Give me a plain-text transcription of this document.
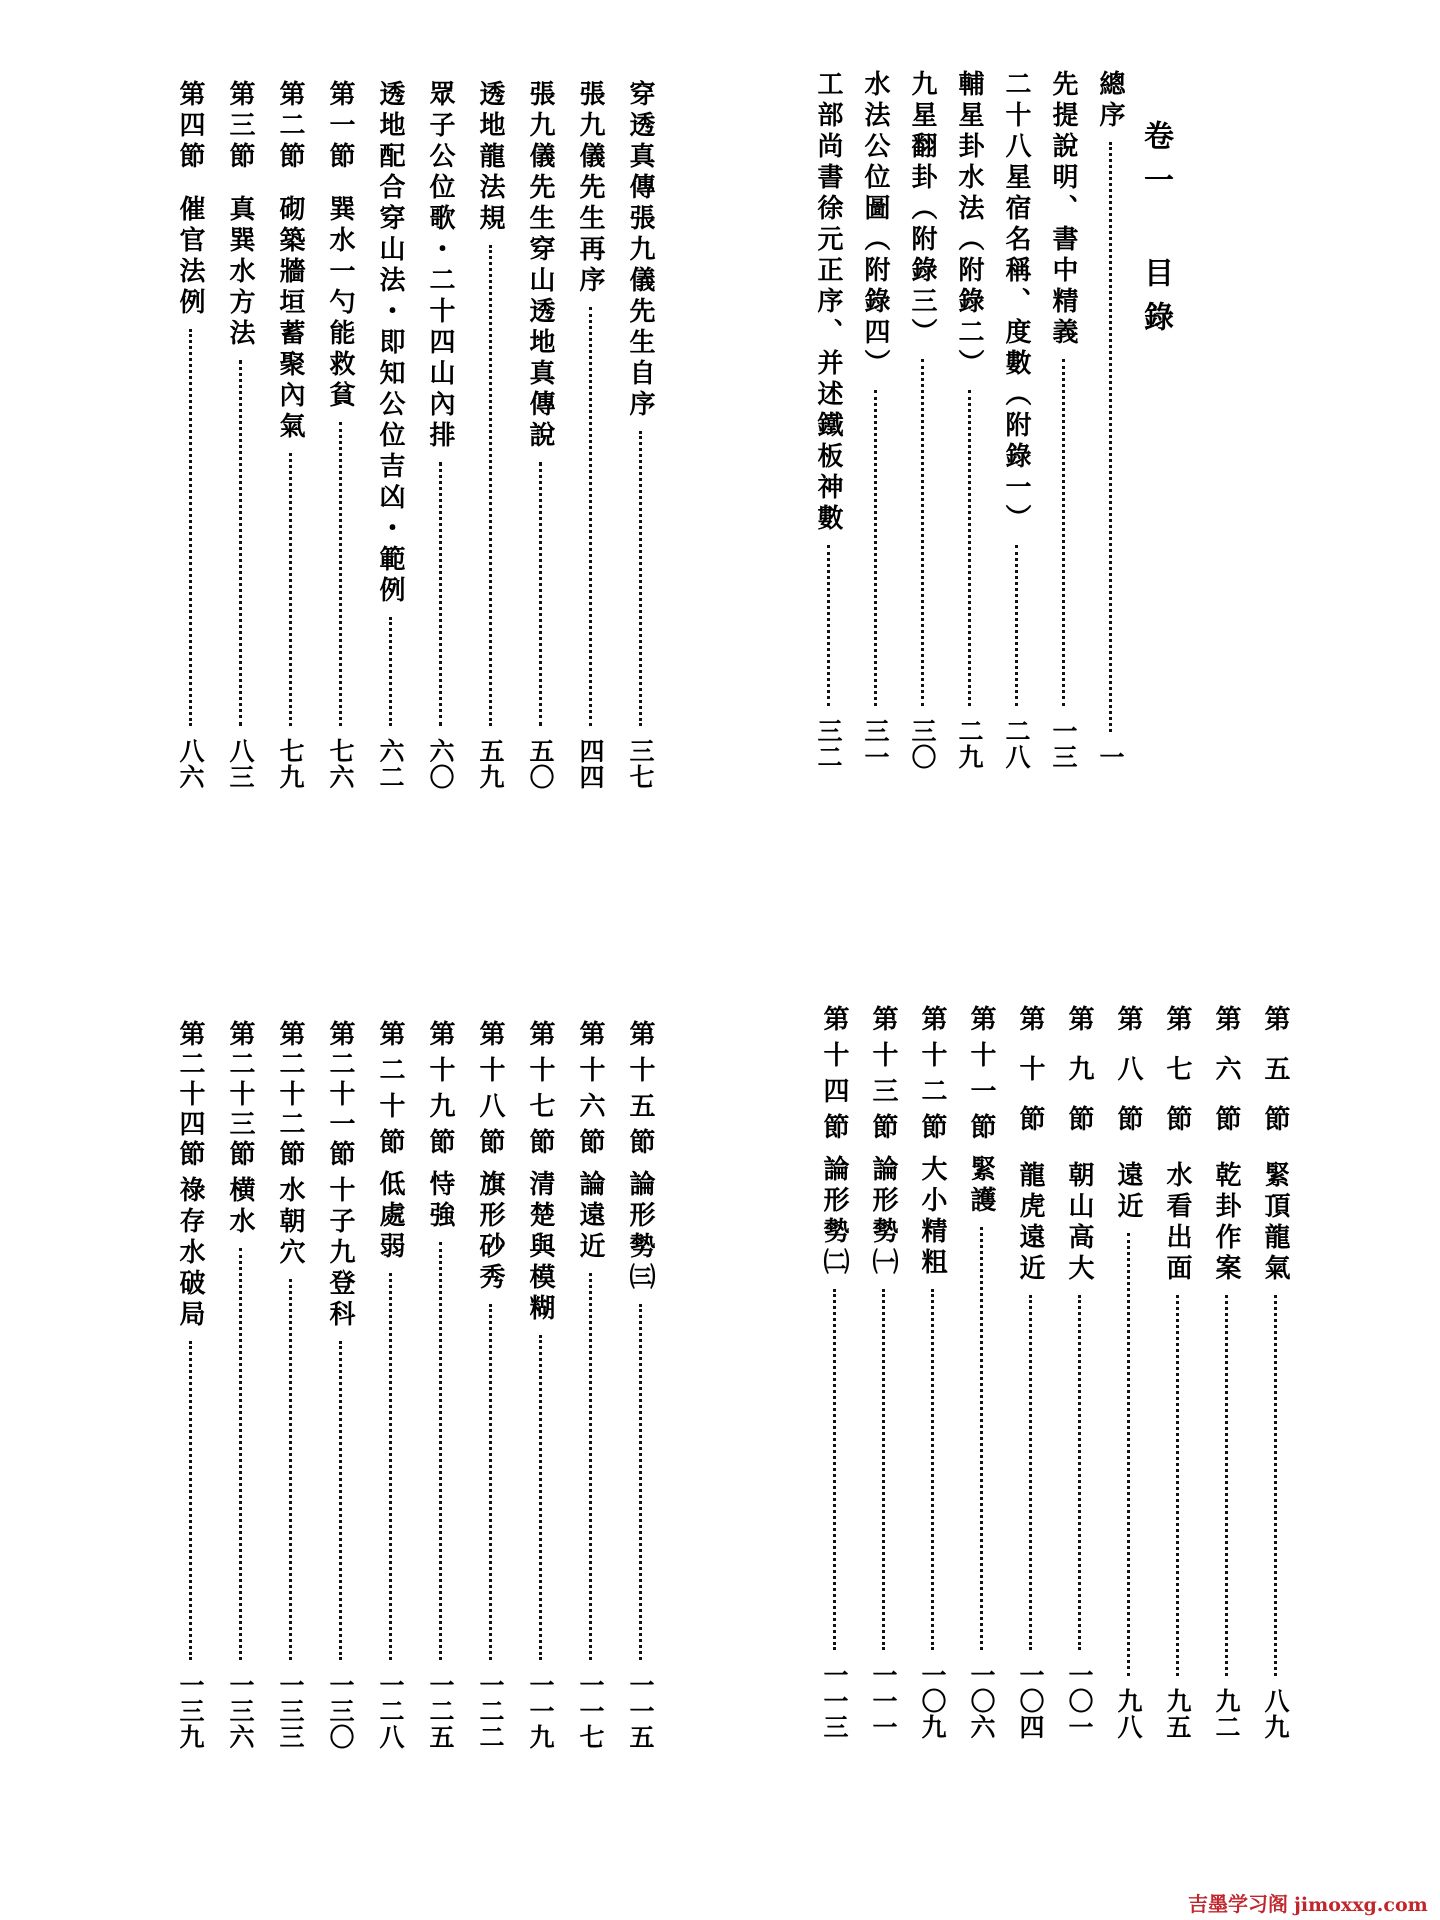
卷一 目錄
總序
一
先提說明、書中精義
一三
二十八星宿名稱、度數（附錄一）
二八
輔星卦水法（附錄二）
二九
九星翻卦（附錄三）
三〇
水法公位圖（附錄四）
三一
工部尚書徐元正序、并述鐵板神數
三二
穿透真傳張九儀先生自序
三七
張九儀先生再序
四四
張九儀先生穿山透地真傳說
五〇
透地龍法規
五九
眾子公位歌・二十四山內排
六〇
透地配合穿山法・即知公位吉凶・範例
六二
第一節
巽水一勺能救貧
七六
第二節
砌築牆垣蓄聚內氣
七九
第三節
真巽水方法
八三
第四節
催官法例
八六
第五節
緊頂龍氣
八九
第六節
乾卦作案
九二
第七節
水看出面
九五
第八節
遠近
九八
第九節
朝山高大
一〇一
第十節
龍虎遠近
一〇四
第十一節
緊護
一〇六
第十二節
大小精粗
一〇九
第十三節
論形勢㈠
一一一
第十四節
論形勢㈡
一一三
第十五節
論形勢㈢
一一五
第十六節
論遠近
一一七
第十七節
清楚與模糊
一一九
第十八節
旗形砂秀
一二二
第十九節
恃強
一二五
第二十節
低處弱
一二八
第二十一節
十子九登科
一三〇
第二十二節
水朝穴
一三三
第二十三節
横水
一三六
第二十四節
祿存水破局
一三九
吉墨学习阁 jimoxxg.com
